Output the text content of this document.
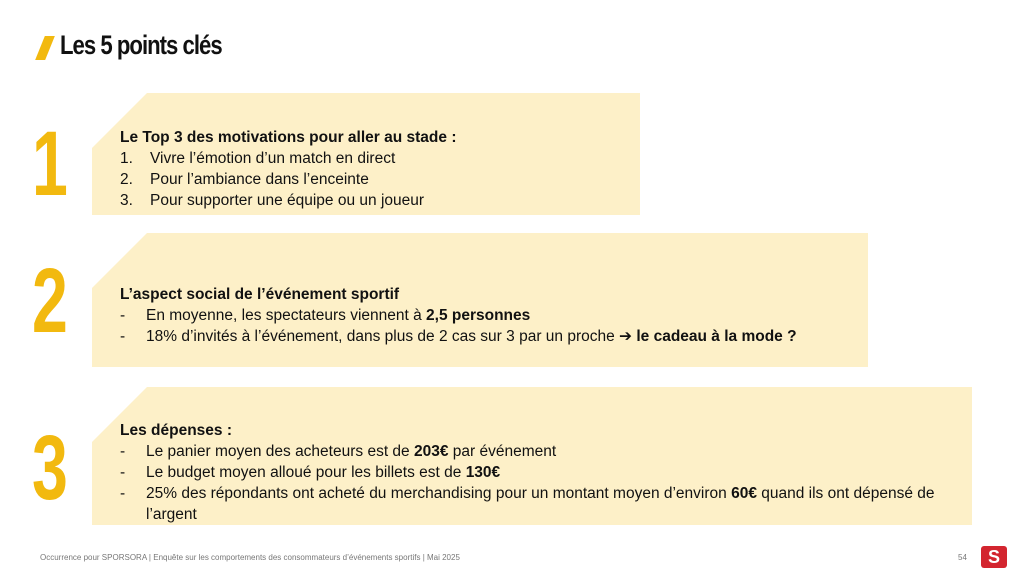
Les 5 points clés
1	Le Top 3 des motivations pour aller au stade :
1.	Vivre l’émotion d’un match en direct
2.	Pour l’ambiance dans l’enceinte
3.	Pour supporter une équipe ou un joueur
2	L’aspect social de l’événement sportif
-	En moyenne, les spectateurs viennent à 2,5 personnes
-	18% d’invités à l’événement, dans plus de 2 cas sur 3 par un proche ➔ le cadeau à la mode ?
3	Les dépenses :
-	Le panier moyen des acheteurs est de 203€ par événement
-	Le budget moyen alloué pour les billets est de 130€
-	25% des répondants ont acheté du merchandising pour un montant moyen d’environ 60€ quand ils ont dépensé de l’argent
Occurrence pour SPORSORA | Enquête sur les comportements des consommateurs d’événements sportifs | Mai 2025	54	S
